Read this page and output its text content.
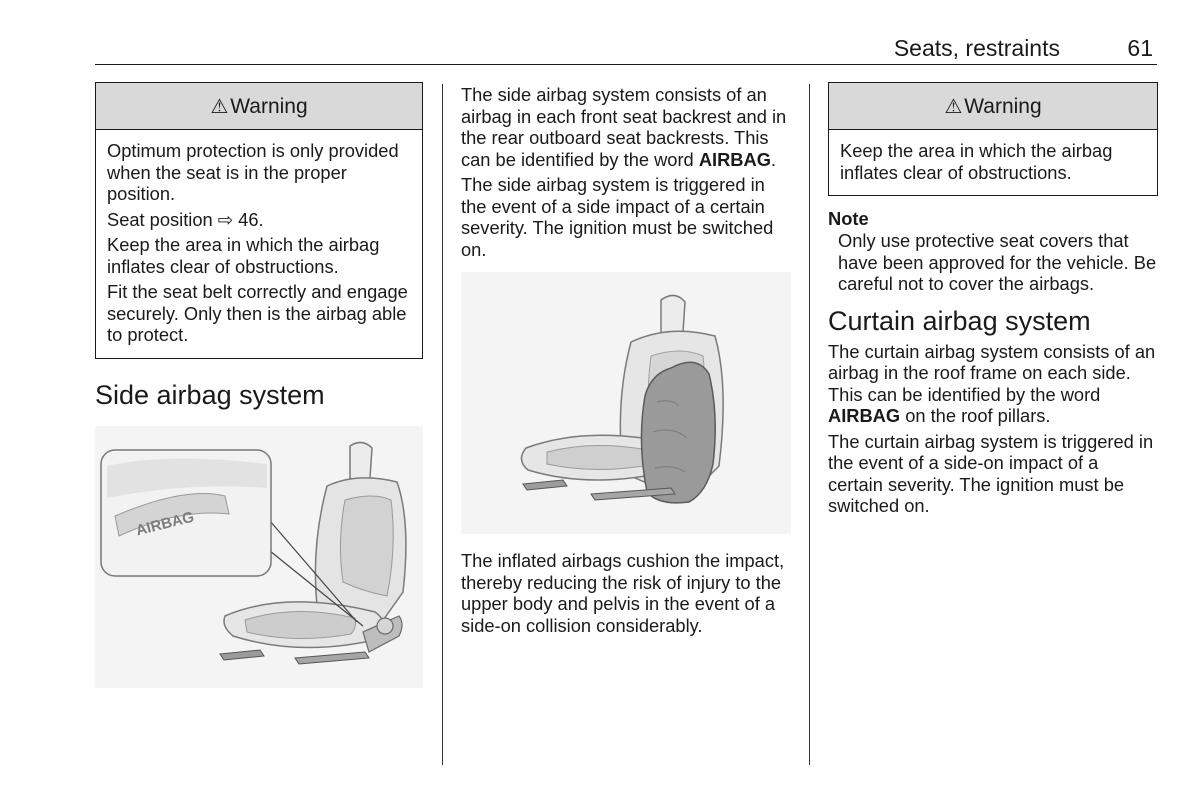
Seats, restraints	61
⚠Warning

Optimum protection is only provided when the seat is in the proper position.

Seat position ⇨ 46.

Keep the area in which the airbag inflates clear of obstructions.

Fit the seat belt correctly and engage securely. Only then is the airbag able to protect.

Side airbag system
AIRBAG

The side airbag system consists of an airbag in each front seat backrest and in the rear outboard seat backrests. This can be identified by the word AIRBAG.

The side airbag system is triggered in the event of a side impact of a certain severity. The ignition must be switched on.

The inflated airbags cushion the impact, thereby reducing the risk of injury to the upper body and pelvis in the event of a side-on collision considerably.

⚠Warning

Keep the area in which the airbag inflates clear of obstructions.

Note

Only use protective seat covers that have been approved for the vehicle. Be careful not to cover the airbags.

Curtain airbag system

The curtain airbag system consists of an airbag in the roof frame on each side. This can be identified by the word AIRBAG on the roof pillars.

The curtain airbag system is triggered in the event of a side-on impact of a certain severity. The ignition must be switched on.
